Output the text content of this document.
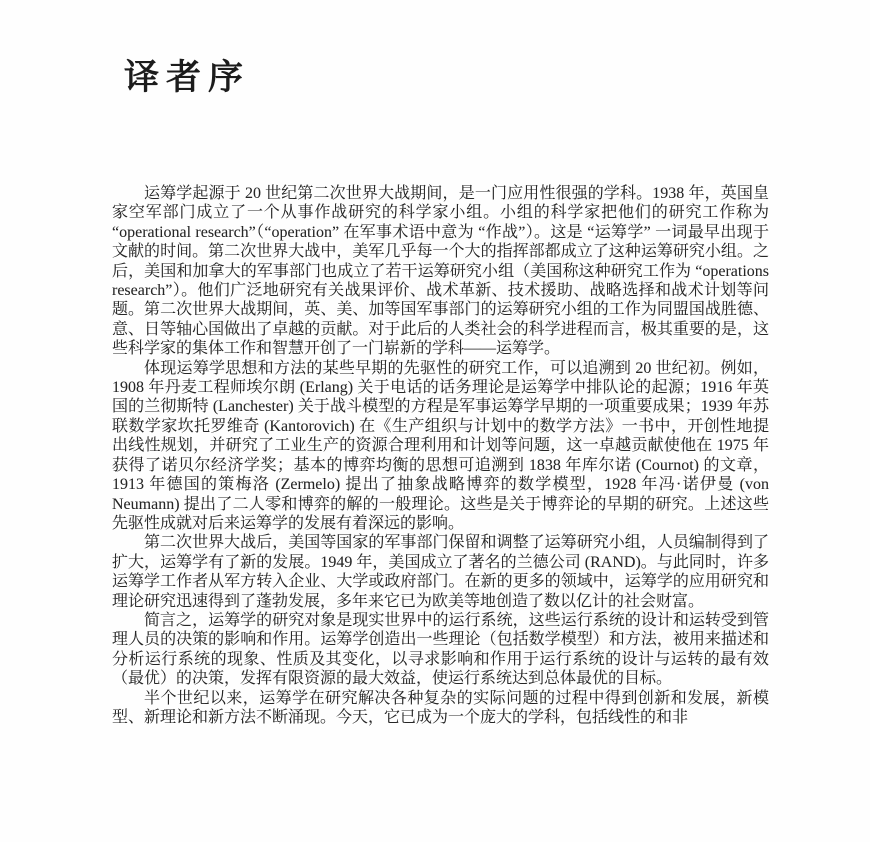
译者序

运筹学起源于 20 世纪第二次世界大战期间，是一门应用性很强的学科。1938 年，英国皇家空军部门成立了一个从事作战研究的科学家小组。小组的科学家把他们的研究工作称为 “operational research”（“operation” 在军事术语中意为 “作战”）。这是 “运筹学” 一词最早出现于文献的时间。第二次世界大战中，美军几乎每一个大的指挥部都成立了这种运筹研究小组。之后，美国和加拿大的军事部门也成立了若干运筹研究小组（美国称这种研究工作为 “operations research”）。他们广泛地研究有关战果评价、战术革新、技术援助、战略选择和战术计划等问题。第二次世界大战期间，英、美、加等国军事部门的运筹研究小组的工作为同盟国战胜德、意、日等轴心国做出了卓越的贡献。对于此后的人类社会的科学进程而言，极其重要的是，这些科学家的集体工作和智慧开创了一门崭新的学科——运筹学。

体现运筹学思想和方法的某些早期的先驱性的研究工作，可以追溯到 20 世纪初。例如，1908 年丹麦工程师埃尔朗 (Erlang) 关于电话的话务理论是运筹学中排队论的起源；1916 年英国的兰彻斯特 (Lanchester) 关于战斗模型的方程是军事运筹学早期的一项重要成果；1939 年苏联数学家坎托罗维奇 (Kantorovich) 在《生产组织与计划中的数学方法》一书中，开创性地提出线性规划，并研究了工业生产的资源合理利用和计划等问题，这一卓越贡献使他在 1975 年获得了诺贝尔经济学奖；基本的博弈均衡的思想可追溯到 1838 年库尔诺 (Cournot) 的文章，1913 年德国的策梅洛 (Zermelo) 提出了抽象战略博弈的数学模型，1928 年冯·诺伊曼 (von Neumann) 提出了二人零和博弈的解的一般理论。这些是关于博弈论的早期的研究。上述这些先驱性成就对后来运筹学的发展有着深远的影响。

第二次世界大战后，美国等国家的军事部门保留和调整了运筹研究小组，人员编制得到了扩大，运筹学有了新的发展。1949 年，美国成立了著名的兰德公司 (RAND)。与此同时，许多运筹学工作者从军方转入企业、大学或政府部门。在新的更多的领域中，运筹学的应用研究和理论研究迅速得到了蓬勃发展，多年来它已为欧美等地创造了数以亿计的社会财富。

简言之，运筹学的研究对象是现实世界中的运行系统，这些运行系统的设计和运转受到管理人员的决策的影响和作用。运筹学创造出一些理论（包括数学模型）和方法，被用来描述和分析运行系统的现象、性质及其变化，以寻求影响和作用于运行系统的设计与运转的最有效（最优）的决策，发挥有限资源的最大效益，使运行系统达到总体最优的目标。

半个世纪以来，运筹学在研究解决各种复杂的实际问题的过程中得到创新和发展，新模型、新理论和新方法不断涌现。今天，它已成为一个庞大的学科，包括线性的和非
